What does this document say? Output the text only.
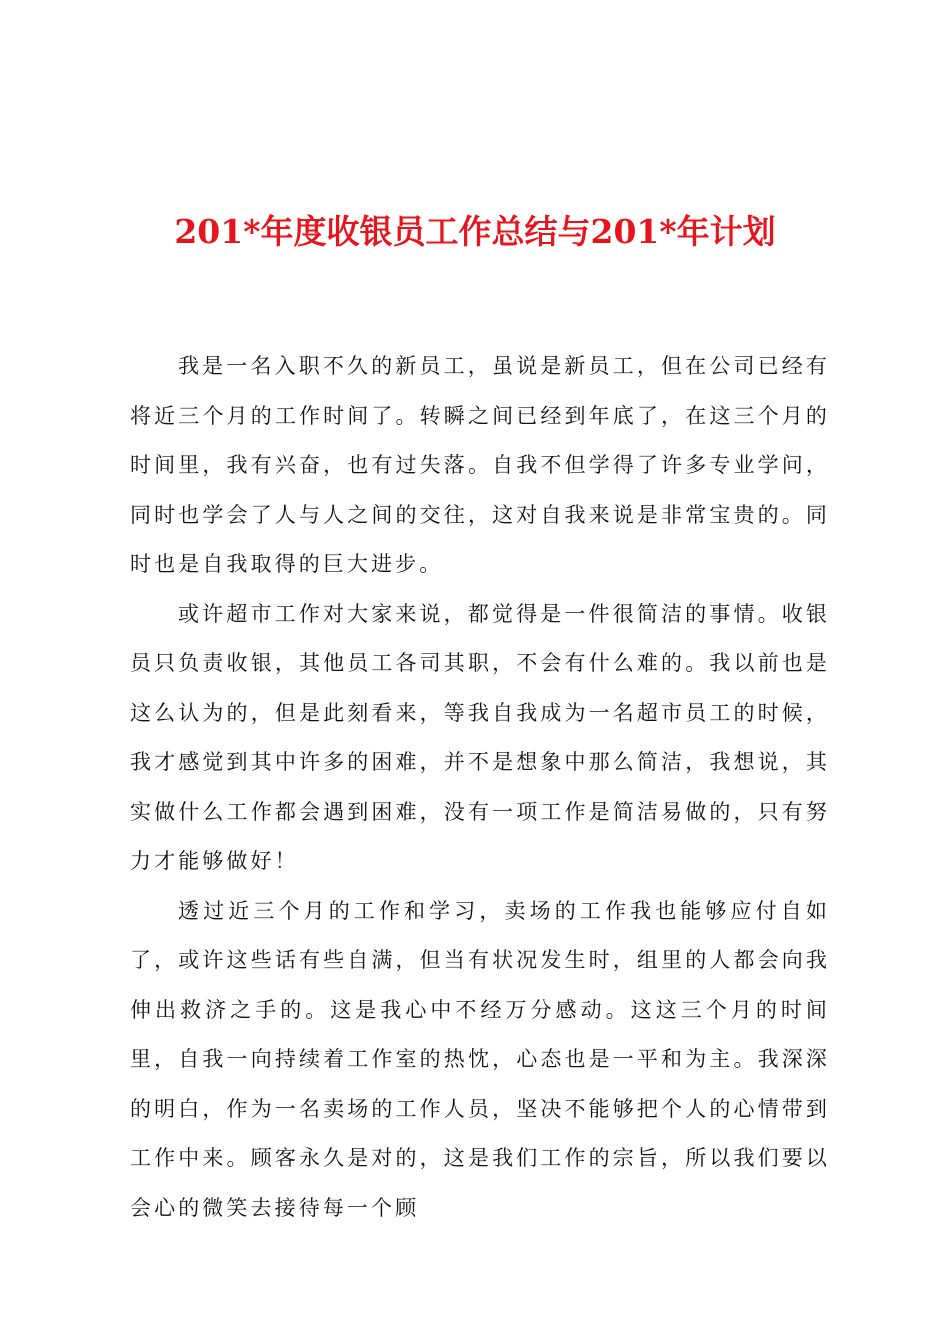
201*年度收银员工作总结与201*年计划

我是一名入职不久的新员工，虽说是新员工，但在公司已经有将近三个月的工作时间了。转瞬之间已经到年底了，在这三个月的时间里，我有兴奋，也有过失落。自我不但学得了许多专业学问，同时也学会了人与人之间的交往，这对自我来说是非常宝贵的。同时也是自我取得的巨大进步。

或许超市工作对大家来说，都觉得是一件很简洁的事情。收银员只负责收银，其他员工各司其职，不会有什么难的。我以前也是这么认为的，但是此刻看来，等我自我成为一名超市员工的时候，我才感觉到其中许多的困难，并不是想象中那么简洁，我想说，其实做什么工作都会遇到困难，没有一项工作是简洁易做的，只有努力才能够做好！

透过近三个月的工作和学习，卖场的工作我也能够应付自如了，或许这些话有些自满，但当有状况发生时，组里的人都会向我伸出救济之手的。这是我心中不经万分感动。这这三个月的时间里，自我一向持续着工作室的热忱，心态也是一平和为主。我深深的明白，作为一名卖场的工作人员，坚决不能够把个人的心情带到工作中来。顾客永久是对的，这是我们工作的宗旨，所以我们要以会心的微笑去接待每一个顾
